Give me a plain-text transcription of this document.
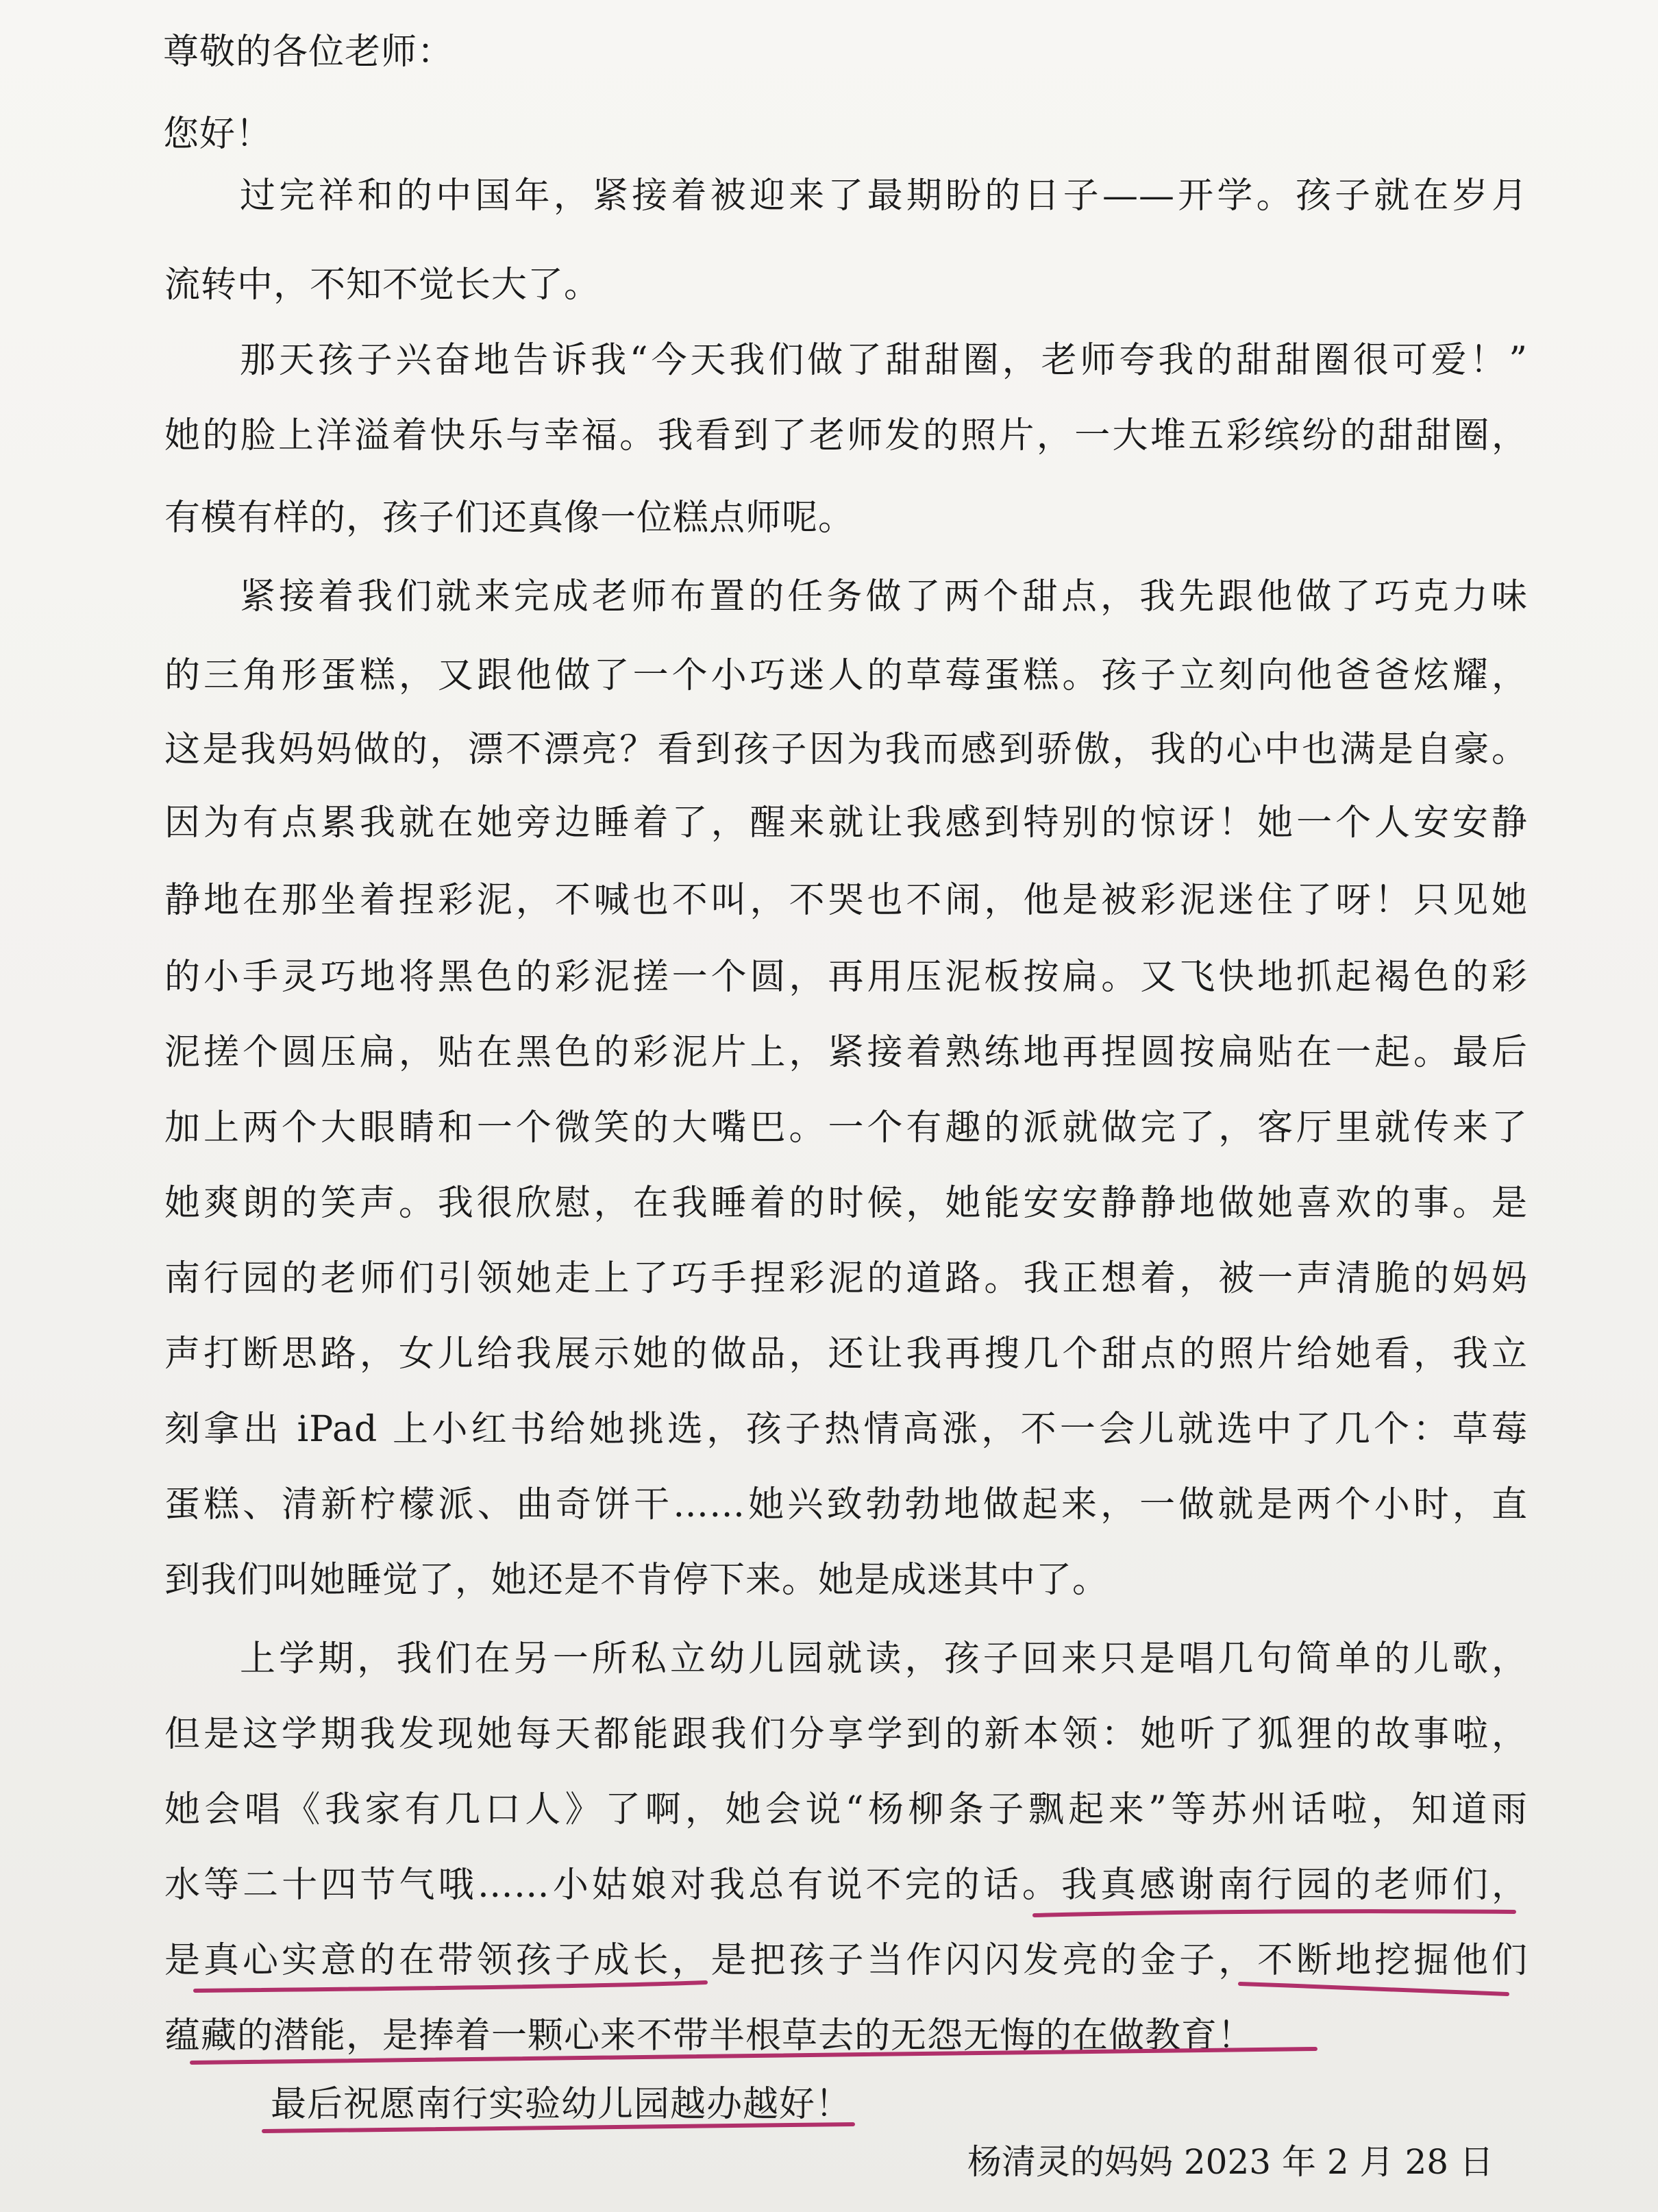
尊敬的各位老师：
您好！
过完祥和的中国年，紧接着被迎来了最期盼的日子——开学。孩子就在岁月
流转中，不知不觉长大了。
那天孩子兴奋地告诉我“今天我们做了甜甜圈，老师夸我的甜甜圈很可爱！”
她的脸上洋溢着快乐与幸福。我看到了老师发的照片，一大堆五彩缤纷的甜甜圈，
有模有样的，孩子们还真像一位糕点师呢。
紧接着我们就来完成老师布置的任务做了两个甜点，我先跟他做了巧克力味
的三角形蛋糕，又跟他做了一个小巧迷人的草莓蛋糕。孩子立刻向他爸爸炫耀，
这是我妈妈做的，漂不漂亮？看到孩子因为我而感到骄傲，我的心中也满是自豪。
因为有点累我就在她旁边睡着了，醒来就让我感到特别的惊讶！她一个人安安静
静地在那坐着捏彩泥，不喊也不叫，不哭也不闹，他是被彩泥迷住了呀！只见她
的小手灵巧地将黑色的彩泥搓一个圆，再用压泥板按扁。又飞快地抓起褐色的彩
泥搓个圆压扁，贴在黑色的彩泥片上，紧接着熟练地再捏圆按扁贴在一起。最后
加上两个大眼睛和一个微笑的大嘴巴。一个有趣的派就做完了，客厅里就传来了
她爽朗的笑声。我很欣慰，在我睡着的时候，她能安安静静地做她喜欢的事。是
南行园的老师们引领她走上了巧手捏彩泥的道路。我正想着，被一声清脆的妈妈
声打断思路，女儿给我展示她的做品，还让我再搜几个甜点的照片给她看，我立
刻拿出 iPad 上小红书给她挑选，孩子热情高涨，不一会儿就选中了几个：草莓
蛋糕、清新柠檬派、曲奇饼干……她兴致勃勃地做起来，一做就是两个小时，直
到我们叫她睡觉了，她还是不肯停下来。她是成迷其中了。
上学期，我们在另一所私立幼儿园就读，孩子回来只是唱几句简单的儿歌，
但是这学期我发现她每天都能跟我们分享学到的新本领：她听了狐狸的故事啦，
她会唱《我家有几口人》了啊，她会说“杨柳条子飘起来”等苏州话啦，知道雨
水等二十四节气哦……小姑娘对我总有说不完的话。我真感谢南行园的老师们，
是真心实意的在带领孩子成长，是把孩子当作闪闪发亮的金子，不断地挖掘他们
蕴藏的潜能，是捧着一颗心来不带半根草去的无怨无悔的在做教育！
最后祝愿南行实验幼儿园越办越好！
杨清灵的妈妈 2023 年 2 月 28 日
